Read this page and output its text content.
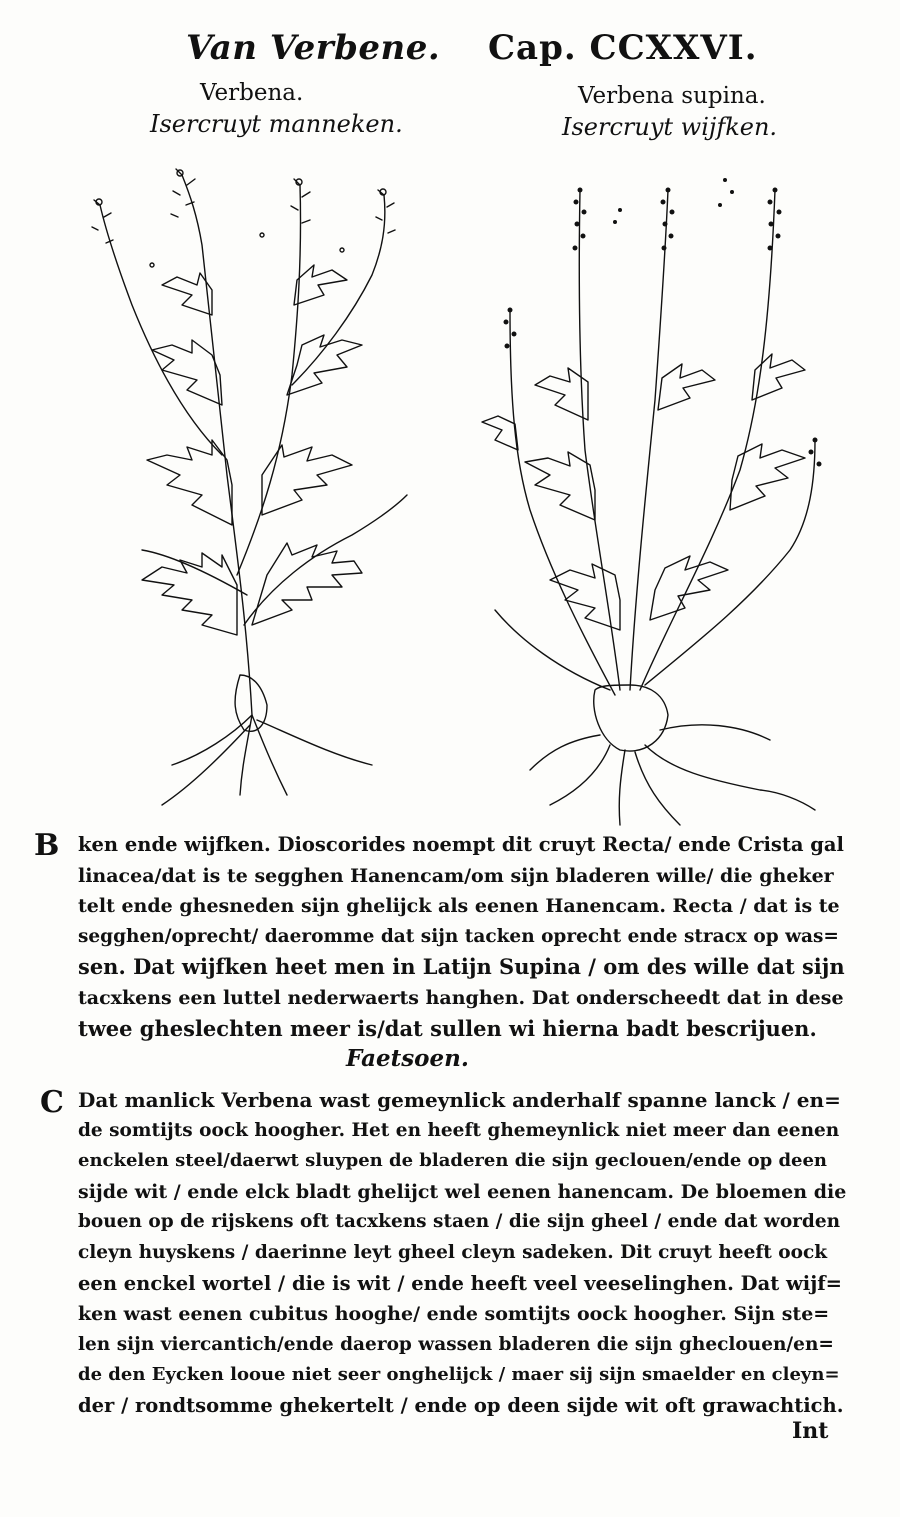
Van Verbene. Cap. CCXXVI.
Verbena.
Isercruyt manneken.
Verbena supina.
Isercruyt wijfken.
B ken ende wijfken. Dioscorides noempt dit cruyt Recta/ ende Crista gal

linacea/dat is te segghen Hanencam/om sijn bladeren wille/ die gheker

telt ende ghesneden sijn ghelijck als eenen Hanencam. Recta / dat is te

segghen/oprecht/ daeromme dat sijn tacken oprecht ende stracx op was=

sen. Dat wijfken heet men in Latijn Supina / om des wille dat sijn

tacxkens een luttel nederwaerts hanghen. Dat onderscheedt dat in dese

twee gheslechten meer is/dat sullen wi hierna badt bescrijuen.

Faetsoen.
C Dat manlick Verbena wast gemeynlick anderhalf spanne lanck / en=

de somtijts oock hoogher. Het en heeft ghemeynlick niet meer dan eenen

enckelen steel/daerwt sluypen de bladeren die sijn geclouen/ende op deen

sijde wit / ende elck bladt ghelijct wel eenen hanencam. De bloemen die

bouen op de rijskens oft tacxkens staen / die sijn gheel / ende dat worden

cleyn huyskens / daerinne leyt gheel cleyn sadeken. Dit cruyt heeft oock

een enckel wortel / die is wit / ende heeft veel veeselinghen. Dat wijf=

ken wast eenen cubitus hooghe/ ende somtijts oock hoogher. Sijn ste=

len sijn viercantich/ende daerop wassen bladeren die sijn gheclouen/en=

de den Eycken looue niet seer onghelijck / maer sij sijn smaelder en cleyn=

der / rondtsomme ghekertelt / ende op deen sijde wit oft grawachtich.

Int
